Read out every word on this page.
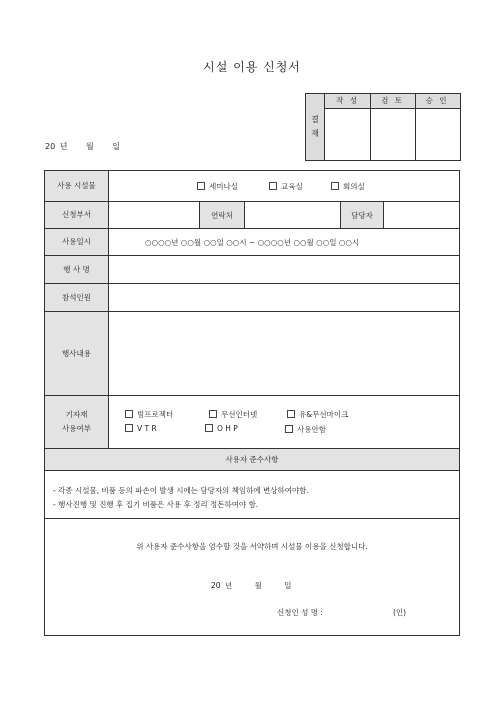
시설 이용 신청서
결
재
작 성	검 토	승 인
20 년 월 일
사용 시설물	세미나실	교육실	회의실
신청부서	연락처	담당자
사용일시	○○○○년 ○○월 ○○일 ○○시 ~ ○○○○년 ○○월 ○○일 ○○시
행 사 명
참석인원
행사내용
기자재
사용여부
빔프로젝터	무선인터넷	유&무선마이크
V T R	O H P	사용안함
사용자 준수사항
- 각종 시설물, 비품 등의 파손이 발생 시에는 담당자의 책임하에 변상하여야함.
- 행사진행 및 진행 후 집기 비품은 사용 후 정리 정돈하여야 함.
위 사용자 준수사항을 엄수할 것을 서약하며 시설물 이용을 신청합니다.
20 년	월	일
신청인 성 명 :	(인)
